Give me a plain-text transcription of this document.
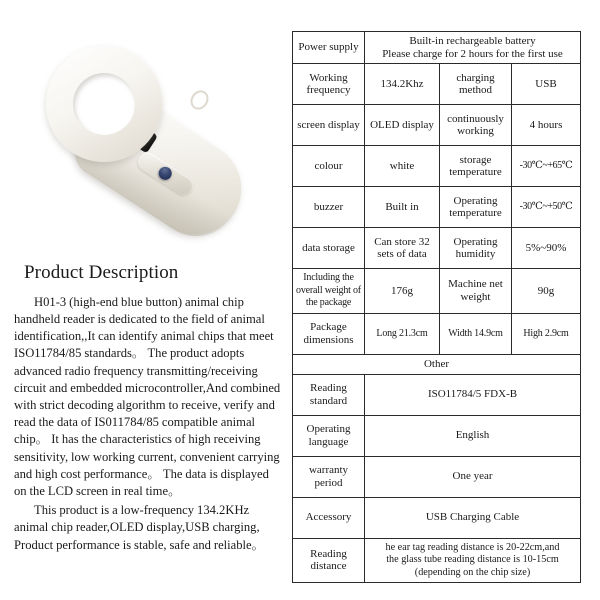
Product Description

H01-3 (high-end blue button) animal chip handheld reader is dedicated to the field of animal identification,,It can identify animal chips that meet ISO11784/85 standards。 The product adopts advanced radio frequency transmitting/receiving circuit and embedded microcontroller,And combined with strict decoding algorithm to receive, verify and read the data of IS011784/85 compatible animal chip。 It has the characteristics of high receiving sensitivity, low working current, convenient carrying and high cost performance。 The data is displayed on the LCD screen in real time。

This product is a low-frequency 134.2KHz animal chip reader,OLED display,USB charging, Product performance is stable, safe and reliable。

Power supply	Built-in rechargeable battery
Please charge for 2 hours for the first use		
Working frequency	134.2Khz	charging method	USB
screen display	OLED display	continuously working	4 hours
colour	white	storage temperature	-30℃~+65℃
buzzer	Built in	Operating temperature	-30℃~+50℃
data storage	Can store 32 sets of data	Operating humidity	5%~90%
Including the overall weight of the package	176g	Machine net weight	90g
Package dimensions	Long 21.3cm	Width 14.9cm	High 2.9cm
Other			
Reading standard	ISO11784/5 FDX-B		
Operating language	English		
warranty period	One year		
Accessory	USB Charging Cable		
Reading distance	he ear tag reading distance is 20-22cm,and
the glass tube reading distance is 10-15cm
(depending on the chip size)		
